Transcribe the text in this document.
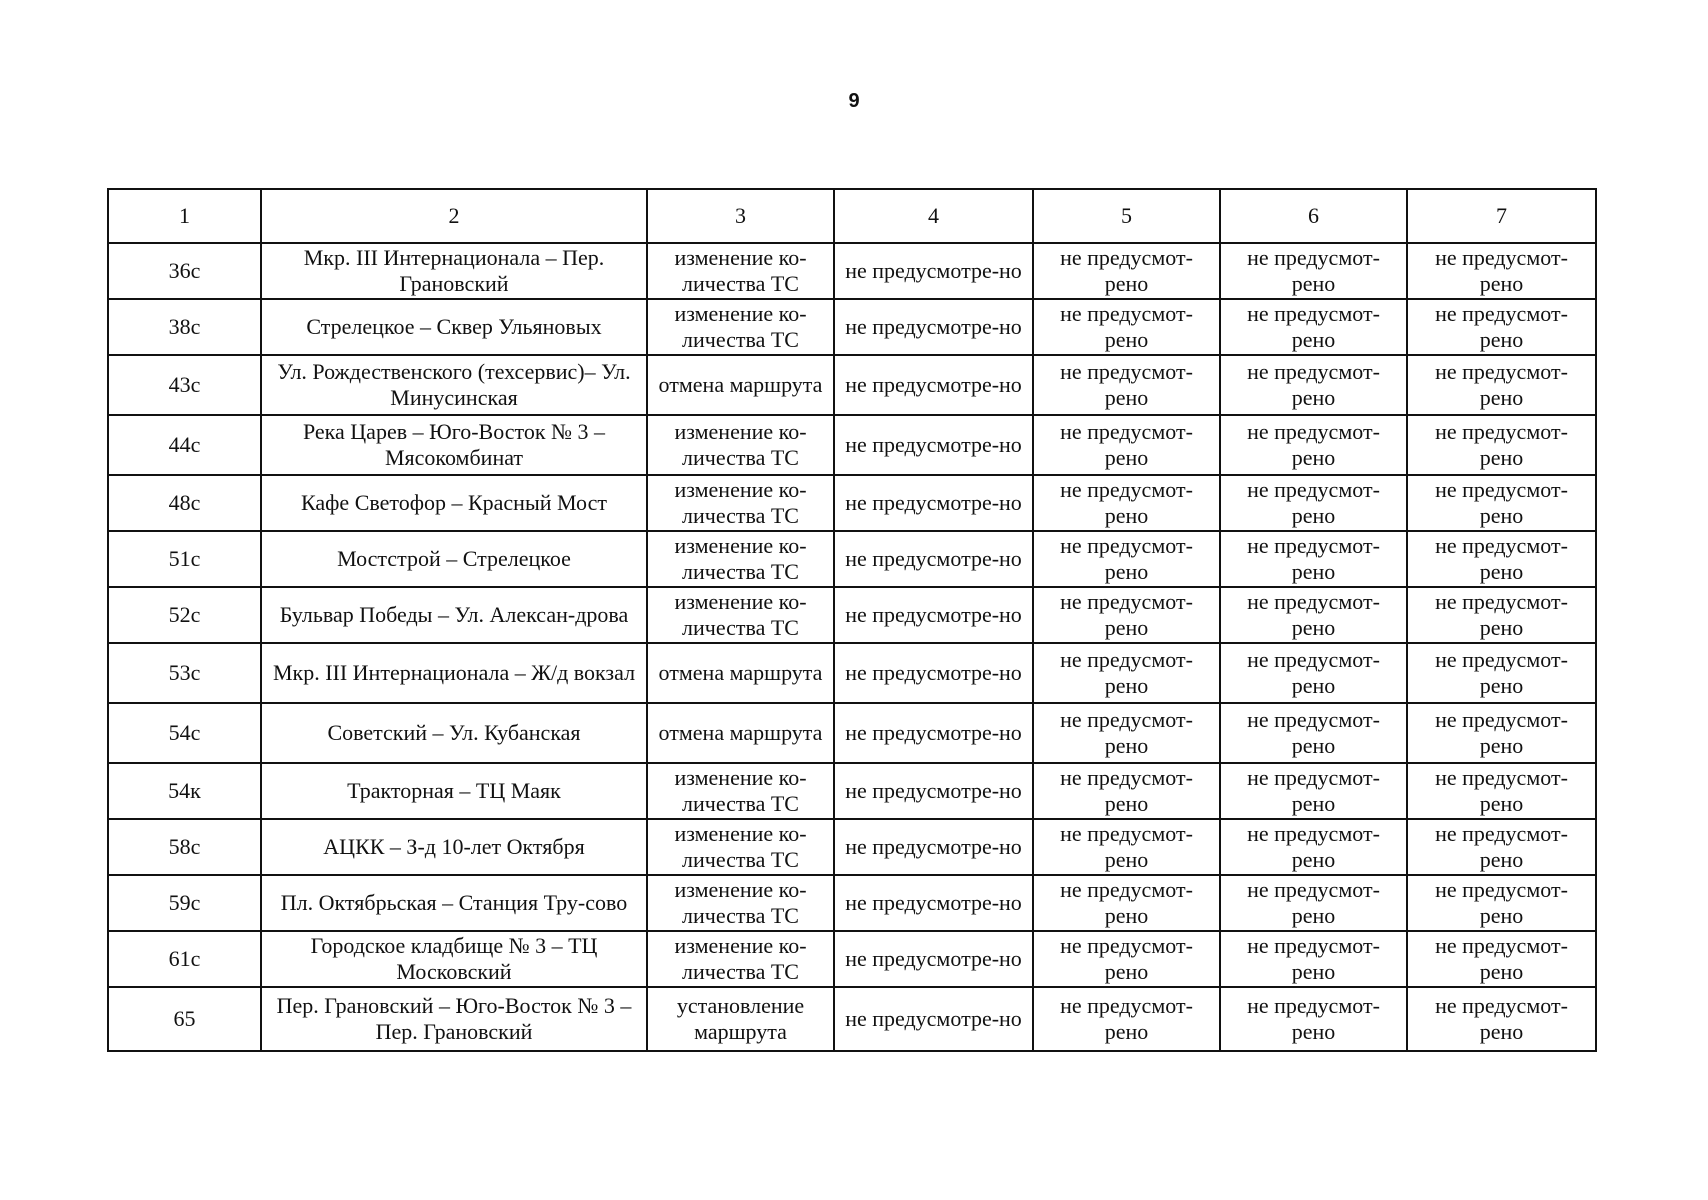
9
1	2	3	4	5	6	7
36с	Мкр. III Интернационала – Пер. Грановский	изменение ко-личества ТС	не предусмотре-но	не предусмот-рено	не предусмот-рено	не предусмот-рено
38с	Стрелецкое – Сквер Ульяновых	изменение ко-личества ТС	не предусмотре-но	не предусмот-рено	не предусмот-рено	не предусмот-рено
43с	Ул. Рождественского (техсервис)– Ул. Минусинская	отмена маршрута	не предусмотре-но	не предусмот-рено	не предусмот-рено	не предусмот-рено
44с	Река Царев – Юго-Восток № 3 – Мясокомбинат	изменение ко-личества ТС	не предусмотре-но	не предусмот-рено	не предусмот-рено	не предусмот-рено
48с	Кафе Светофор – Красный Мост	изменение ко-личества ТС	не предусмотре-но	не предусмот-рено	не предусмот-рено	не предусмот-рено
51с	Мостстрой – Стрелецкое	изменение ко-личества ТС	не предусмотре-но	не предусмот-рено	не предусмот-рено	не предусмот-рено
52с	Бульвар Победы – Ул. Алексан-дрова	изменение ко-личества ТС	не предусмотре-но	не предусмот-рено	не предусмот-рено	не предусмот-рено
53с	Мкр. III Интернационала – Ж/д вокзал	отмена маршрута	не предусмотре-но	не предусмот-рено	не предусмот-рено	не предусмот-рено
54с	Советский – Ул. Кубанская	отмена маршрута	не предусмотре-но	не предусмот-рено	не предусмот-рено	не предусмот-рено
54к	Тракторная – ТЦ Маяк	изменение ко-личества ТС	не предусмотре-но	не предусмот-рено	не предусмот-рено	не предусмот-рено
58с	АЦКК – З-д 10-лет Октября	изменение ко-личества ТС	не предусмотре-но	не предусмот-рено	не предусмот-рено	не предусмот-рено
59с	Пл. Октябрьская – Станция Тру-сово	изменение ко-личества ТС	не предусмотре-но	не предусмот-рено	не предусмот-рено	не предусмот-рено
61с	Городское кладбище № 3 – ТЦ Московский	изменение ко-личества ТС	не предусмотре-но	не предусмот-рено	не предусмот-рено	не предусмот-рено
65	Пер. Грановский – Юго-Восток № 3 – Пер. Грановский	установление маршрута	не предусмотре-но	не предусмот-рено	не предусмот-рено	не предусмот-рено
